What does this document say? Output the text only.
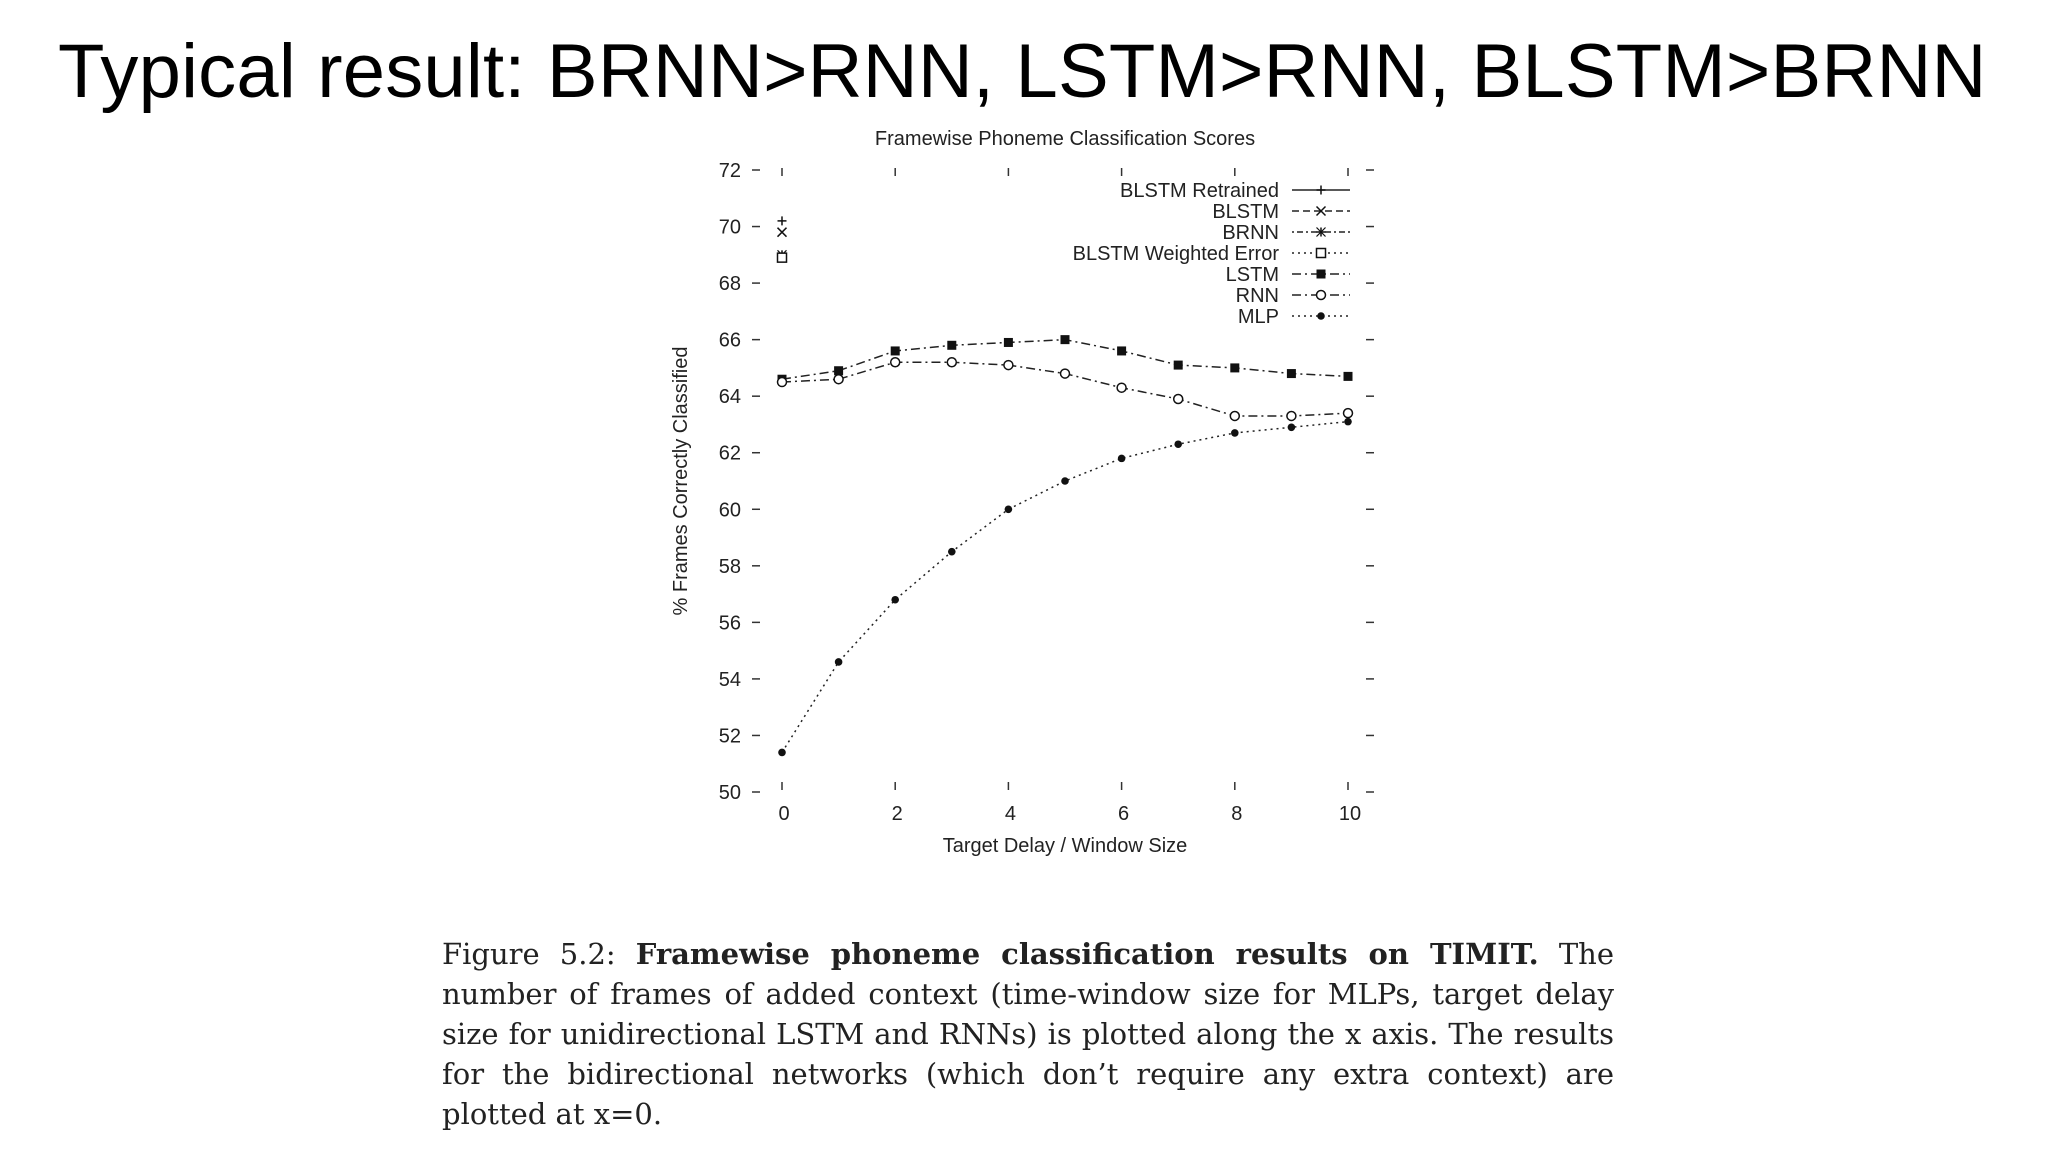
Typical result: BRNN>RNN, LSTM>RNN, BLSTM>BRNN
Framewise Phoneme Classification Scores
Target Delay / Window Size
% Frames Correctly Classified
50
52
54
56
58
60
62
64
66
68
70
72
0	2	4	6	8	10
BLSTM Retrained
BLSTM
BRNN
BLSTM Weighted Error
LSTM
RNN
MLP
Figure 5.2: Framewise phoneme classification results on TIMIT. The number of frames of added context (time-window size for MLPs, target delay size for unidirectional LSTM and RNNs) is plotted along the x axis. The results for the bidirectional networks (which don’t require any extra context) are plotted at x=0.
